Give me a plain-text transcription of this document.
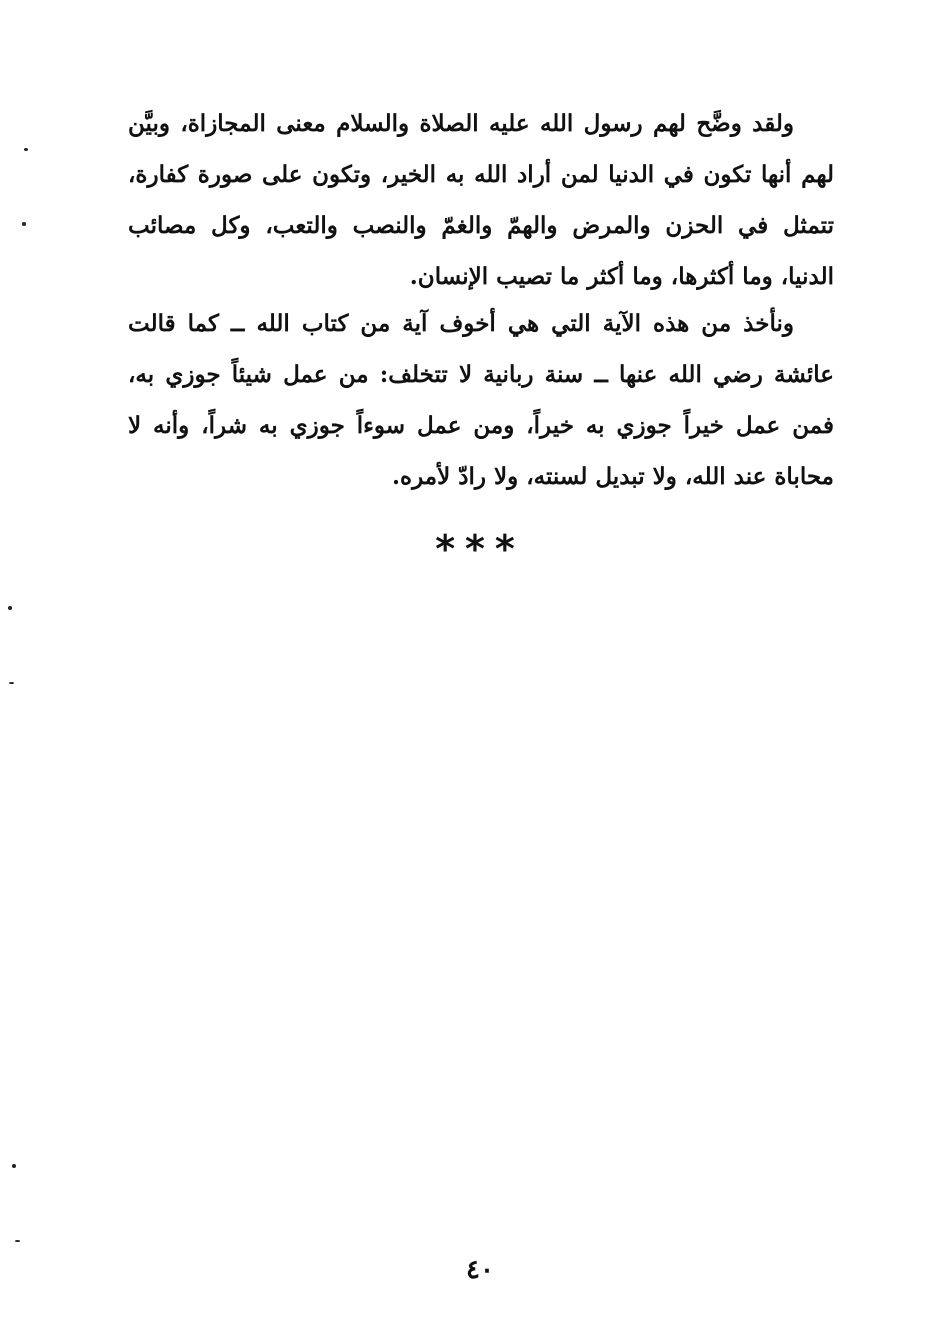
ولقد وضَّح لهم رسول الله عليه الصلاة والسلام معنى المجازاة، وبيَّن لهم أنها تكون في الدنيا لمن أراد الله به الخير، وتكون على صورة كفارة، تتمثل في الحزن والمرض والهمّ والغمّ والنصب والتعب، وكل مصائب الدنيا، وما أكثرها، وما أكثر ما تصيب الإنسان.

ونأخذ من هذه الآية التي هي أخوف آية من كتاب الله ــ كما قالت عائشة رضي الله عنها ــ سنة ربانية لا تتخلف: من عمل شيئاً جوزي به، فمن عمل خيراً جوزي به خيراً، ومن عمل سوءاً جوزي به شراً، وأنه لا محاباة عند الله، ولا تبديل لسنته، ولا رادّ لأمره.

***
٤٠
